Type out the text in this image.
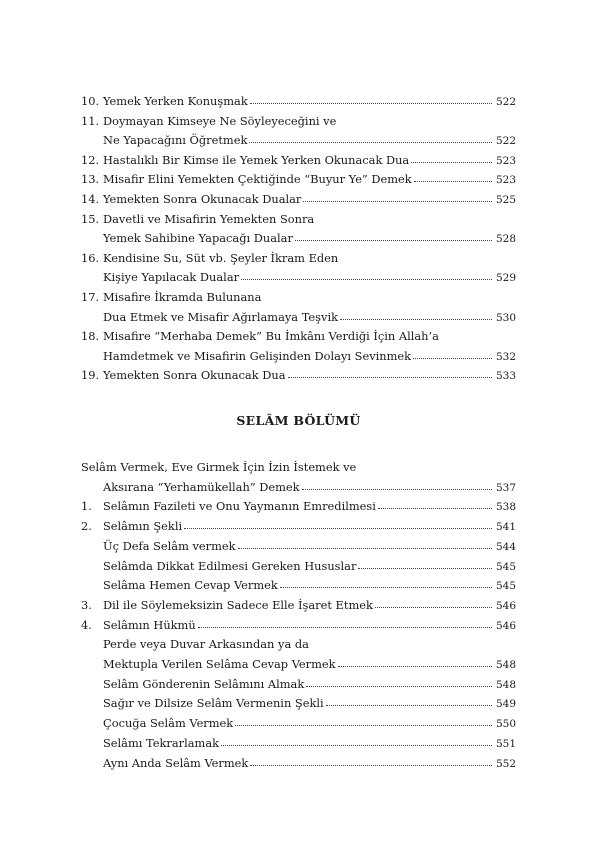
10. Yemek Yerken Konuşmak	522
11. Doymayan Kimseye Ne Söyleyeceğini ve
Ne Yapacağını Öğretmek	522
12. Hastalıklı Bir Kimse ile Yemek Yerken Okunacak Dua	523
13. Misafir Elini Yemekten Çektiğinde “Buyur Ye” Demek	523
14. Yemekten Sonra Okunacak Dualar	525
15. Davetli ve Misafirin Yemekten Sonra
Yemek Sahibine Yapacağı Dualar	528
16. Kendisine Su, Süt vb. Şeyler İkram Eden
Kişiye Yapılacak Dualar	529
17. Misafire İkramda Bulunana
Dua Etmek ve Misafir Ağırlamaya Teşvik	530
18. Misafire “Merhaba Demek” Bu İmkânı Verdiği İçin Allah’a
Hamdetmek ve Misafirin Gelişinden Dolayı Sevinmek	532
19. Yemekten Sonra Okunacak Dua	533
SELÂM BÖLÜMÜ
Selâm Vermek, Eve Girmek İçin İzin İstemek ve
Aksırana “Yerhamükellah” Demek	537
1. Selâmın Fazileti ve Onu Yaymanın Emredilmesi	538
2. Selâmın Şekli	541
Üç Defa Selâm vermek	544
Selâmda Dikkat Edilmesi Gereken Hususlar	545
Selâma Hemen Cevap Vermek	545
3. Dil ile Söylemeksizin Sadece Elle İşaret Etmek	546
4. Selâmın Hükmü	546
Perde veya Duvar Arkasından ya da
Mektupla Verilen Selâma Cevap Vermek	548
Selâm Gönderenin Selâmını Almak	548
Sağır ve Dilsize Selâm Vermenin Şekli	549
Çocuğa Selâm Vermek	550
Selâmı Tekrarlamak	551
Aynı Anda Selâm Vermek	552
